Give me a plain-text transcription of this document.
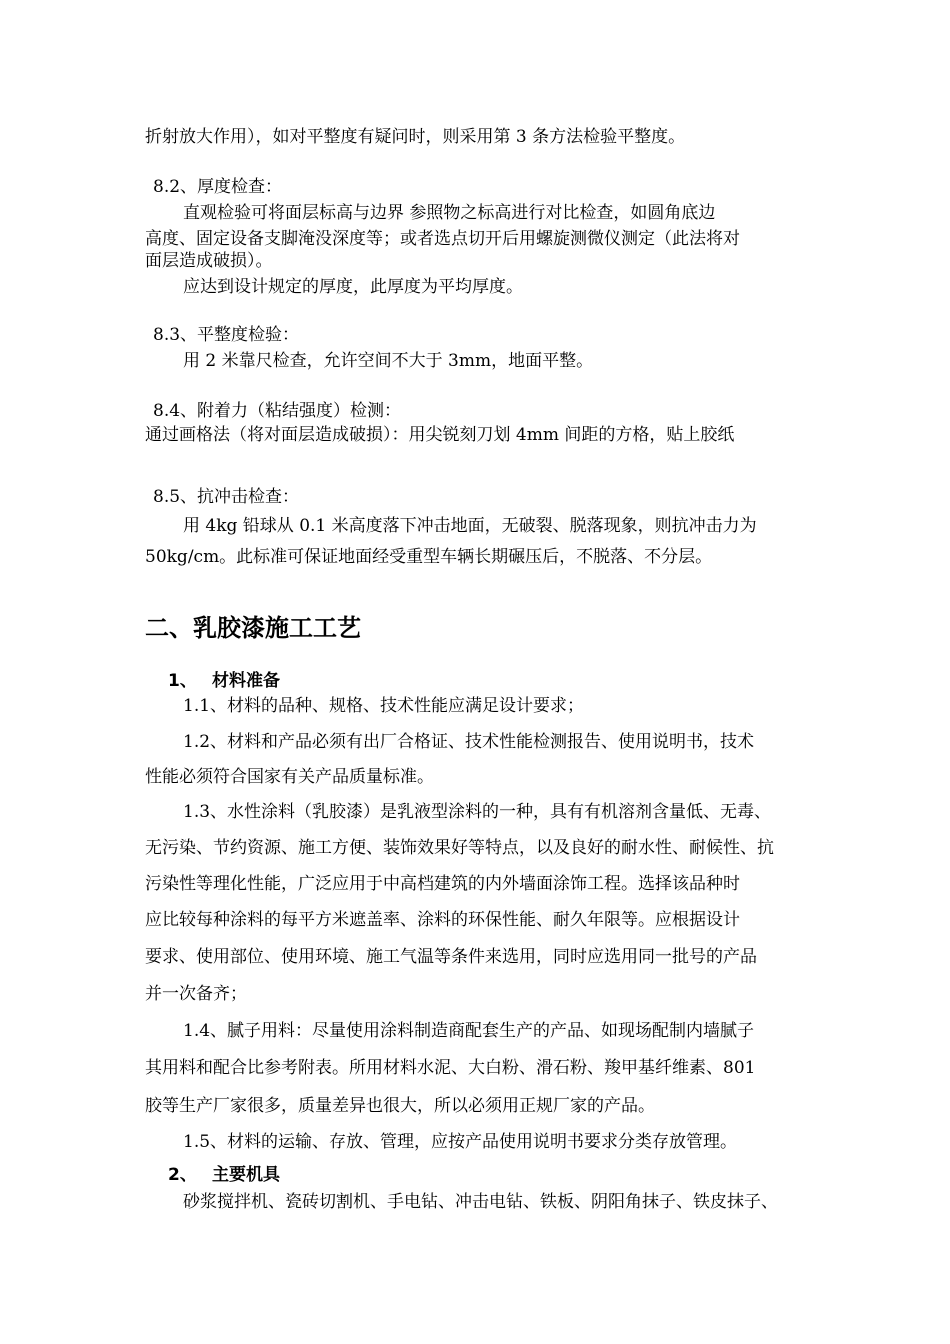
折射放大作用），如对平整度有疑问时，则采用第 3 条方法检验平整度。
8.2、厚度检查：
直观检验可将面层标高与边界 参照物之标高进行对比检查，如圆角底边
高度、固定设备支脚淹没深度等；或者选点切开后用螺旋测微仪测定（此法将对
面层造成破损）。
应达到设计规定的厚度，此厚度为平均厚度。
8.3、平整度检验：
用 2 米靠尺检查，允许空间不大于 3mm，地面平整。
8.4、附着力（粘结强度）检测：
通过画格法（将对面层造成破损）：用尖锐刻刀划 4mm 间距的方格，贴上胶纸
8.5、抗冲击检查：
用 4kg 铅球从 0.1 米高度落下冲击地面，无破裂、脱落现象，则抗冲击力为
50kg/cm。此标准可保证地面经受重型车辆长期碾压后，不脱落、不分层。
二、乳胶漆施工工艺
1、 材料准备
1.1、材料的品种、规格、技术性能应满足设计要求；
1.2、材料和产品必须有出厂合格证、技术性能检测报告、使用说明书，技术
性能必须符合国家有关产品质量标准。
1.3、水性涂料（乳胶漆）是乳液型涂料的一种，具有有机溶剂含量低、无毒、
无污染、节约资源、施工方便、装饰效果好等特点，以及良好的耐水性、耐候性、抗
污染性等理化性能，广泛应用于中高档建筑的内外墙面涂饰工程。选择该品种时
应比较每种涂料的每平方米遮盖率、涂料的环保性能、耐久年限等。应根据设计
要求、使用部位、使用环境、施工气温等条件来选用，同时应选用同一批号的产品
并一次备齐；
1.4、腻子用料：尽量使用涂料制造商配套生产的产品、如现场配制内墙腻子
其用料和配合比参考附表。所用材料水泥、大白粉、滑石粉、羧甲基纤维素、801
胶等生产厂家很多，质量差异也很大，所以必须用正规厂家的产品。
1.5、材料的运输、存放、管理，应按产品使用说明书要求分类存放管理。
2、 主要机具
砂浆搅拌机、瓷砖切割机、手电钻、冲击电钻、铁板、阴阳角抹子、铁皮抹子、
